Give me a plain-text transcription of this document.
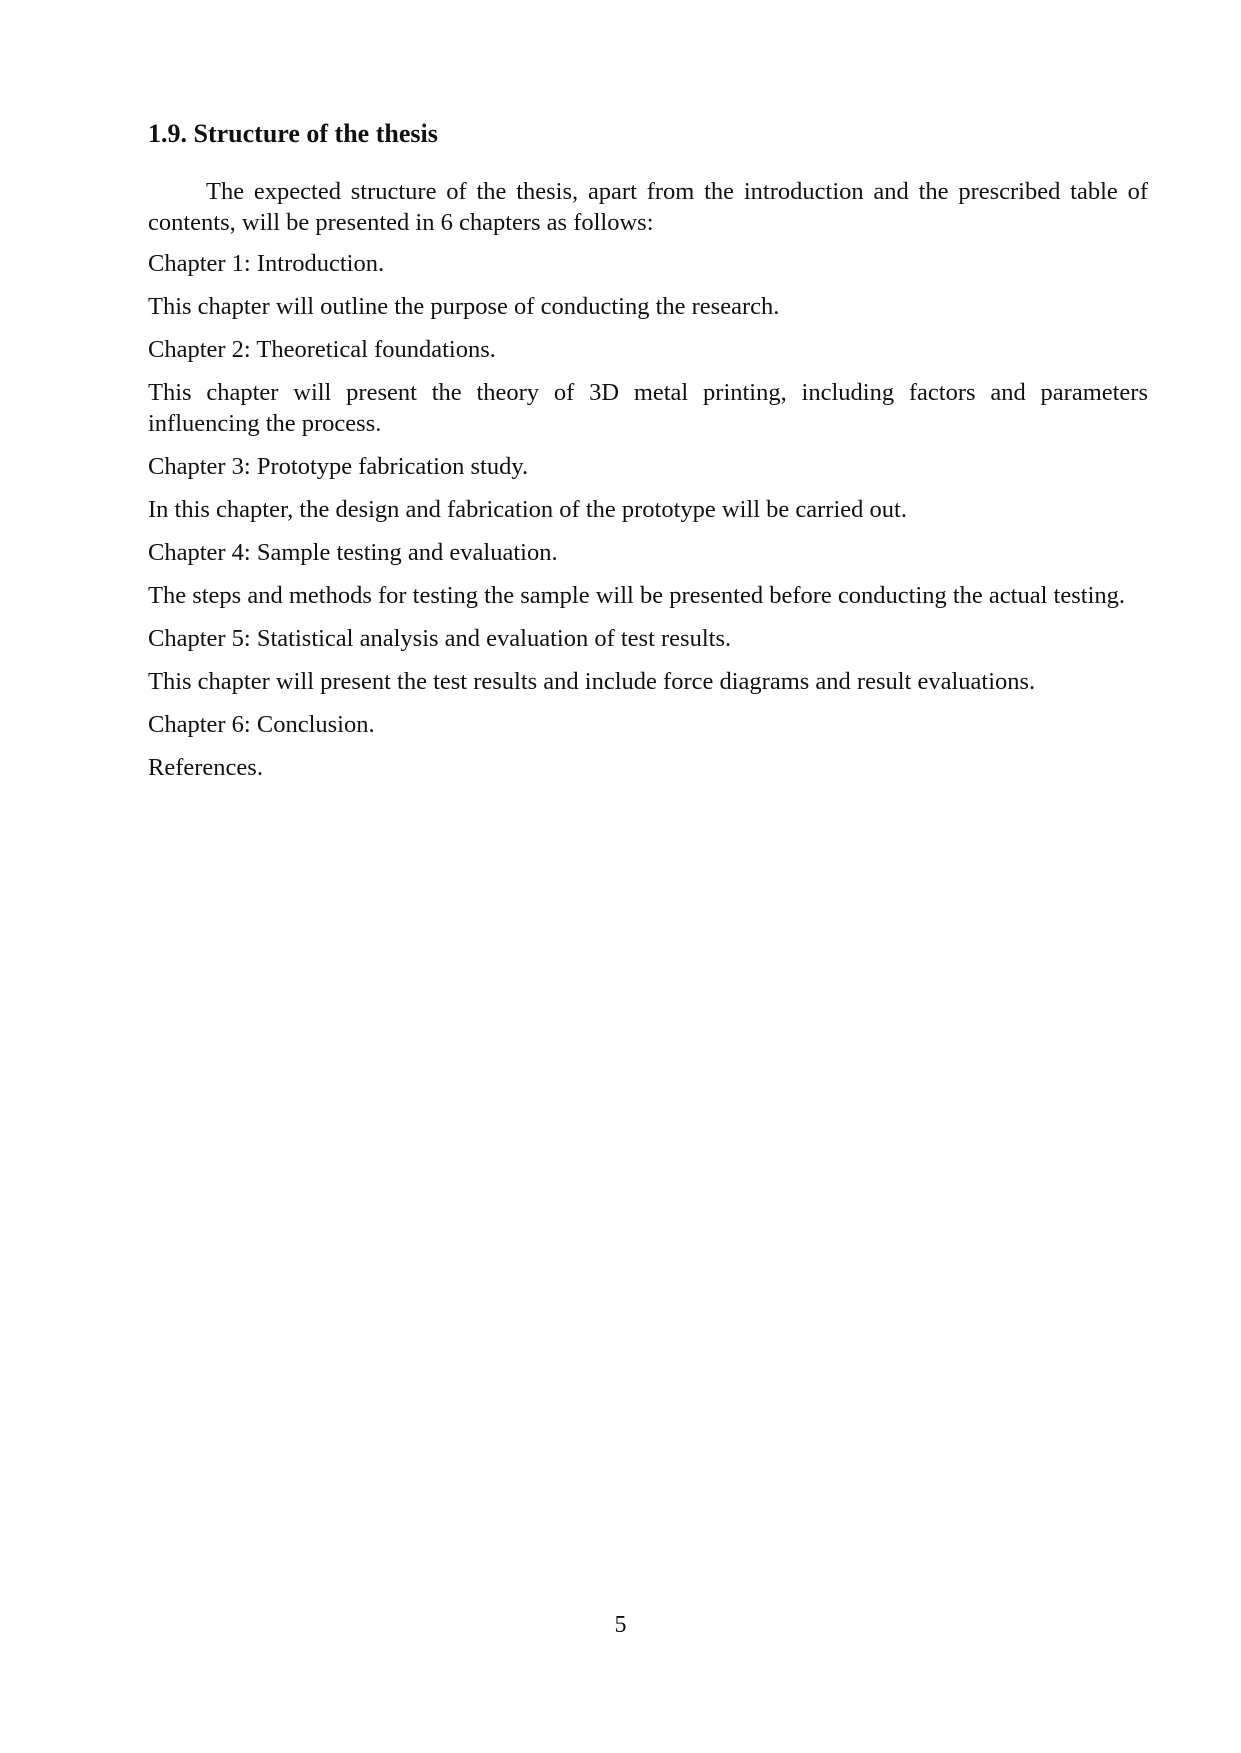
1.9. Structure of the thesis

The expected structure of the thesis, apart from the introduction and the prescribed table of contents, will be presented in 6 chapters as follows:

Chapter 1: Introduction.

This chapter will outline the purpose of conducting the research.

Chapter 2: Theoretical foundations.

This chapter will present the theory of 3D metal printing, including factors and parameters influencing the process.

Chapter 3: Prototype fabrication study.

In this chapter, the design and fabrication of the prototype will be carried out.

Chapter 4: Sample testing and evaluation.

The steps and methods for testing the sample will be presented before conducting the actual testing.

Chapter 5: Statistical analysis and evaluation of test results.

This chapter will present the test results and include force diagrams and result evaluations.

Chapter 6: Conclusion.

References.

5
